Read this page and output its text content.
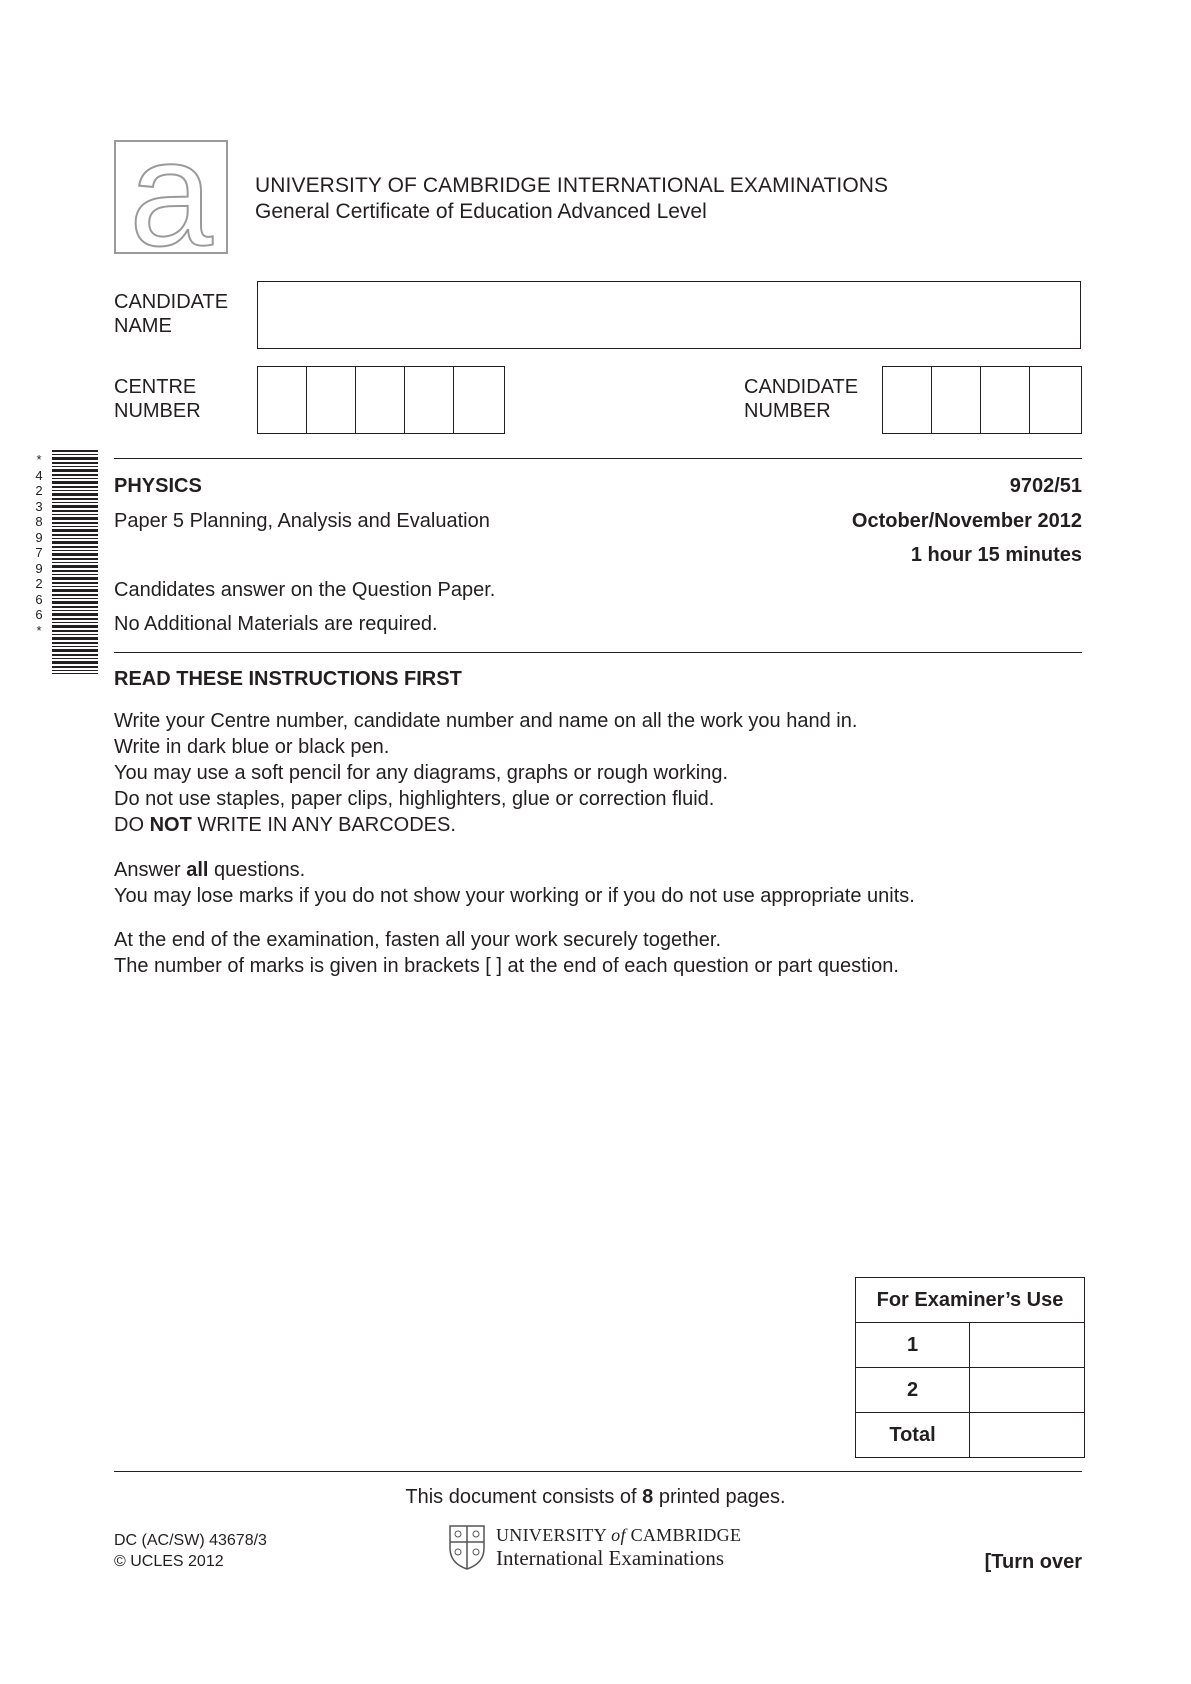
a	UNIVERSITY OF CAMBRIDGE INTERNATIONAL EXAMINATIONS
General Certificate of Education Advanced Level
CANDIDATE
NAME
CENTRE
NUMBER
CANDIDATE
NUMBER
*
4
2
3
8
9
7
9
2
6
6
*
PHYSICS	9702/51
Paper 5 Planning, Analysis and Evaluation	October/November 2012
1 hour 15 minutes
Candidates answer on the Question Paper.
No Additional Materials are required.
READ THESE INSTRUCTIONS FIRST
Write your Centre number, candidate number and name on all the work you hand in.
Write in dark blue or black pen.
You may use a soft pencil for any diagrams, graphs or rough working.
Do not use staples, paper clips, highlighters, glue or correction fluid.
DO NOT WRITE IN ANY BARCODES.
Answer all questions.
You may lose marks if you do not show your working or if you do not use appropriate units.
At the end of the examination, fasten all your work securely together.
The number of marks is given in brackets [ ] at the end of each question or part question.
For Examiner’s Use	
1	
2	
Total	
This document consists of 8 printed pages.
DC (AC/SW) 43678/3
© UCLES 2012
UNIVERSITY of CAMBRIDGE
International Examinations	[Turn over
